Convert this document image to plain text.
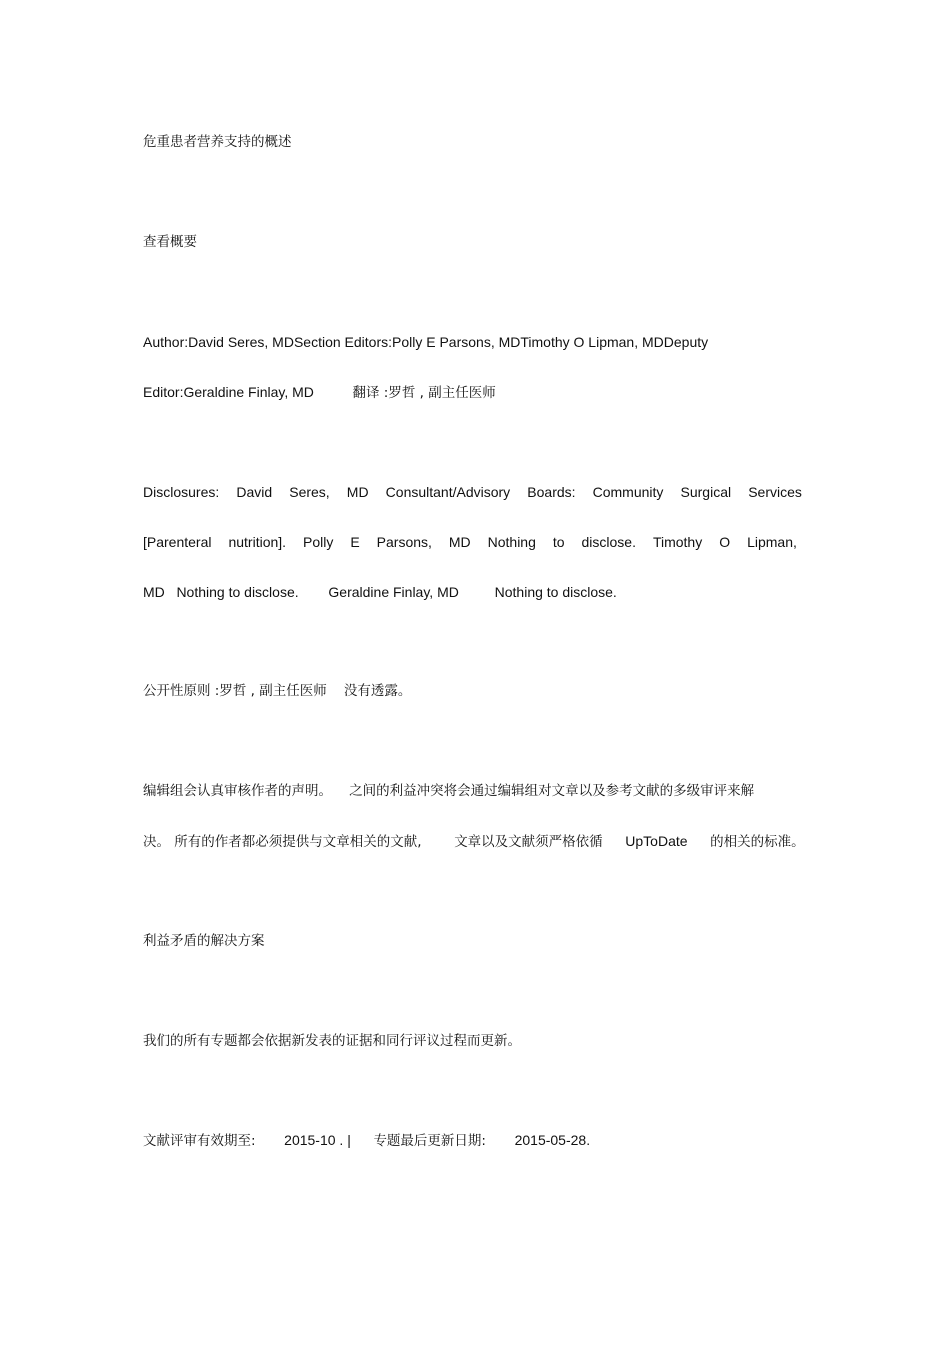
危重患者营养支持的概述
查看概要
Author:David Seres, MDSection Editors:Polly E Parsons, MDTimothy O Lipman, MDDeputy
Editor:Geraldine Finlay, MD	翻译 :罗哲 , 副主任医师
Disclosures: David Seres, MD Consultant/Advisory Boards: Community Surgical Services
[Parenteral nutrition]. Polly E Parsons, MD Nothing to disclose. Timothy O Lipman,
MD   Nothing to disclose. Geraldine Finlay, MD	Nothing to disclose.
公开性原则 :罗哲 , 副主任医师    没有透露。
编辑组会认真审核作者的声明。    之间的利益冲突将会通过编辑组对文章以及参考文献的多级审评来解
决。 所有的作者都必须提供与文章相关的文献, 文章以及文献须严格依循 UpToDate 的相关的标准。
利益矛盾的解决方案
我们的所有专题都会依据新发表的证据和同行评议过程而更新。
文献评审有效期至: 2015-10 . | 专题最后更新日期: 2015-05-28.
